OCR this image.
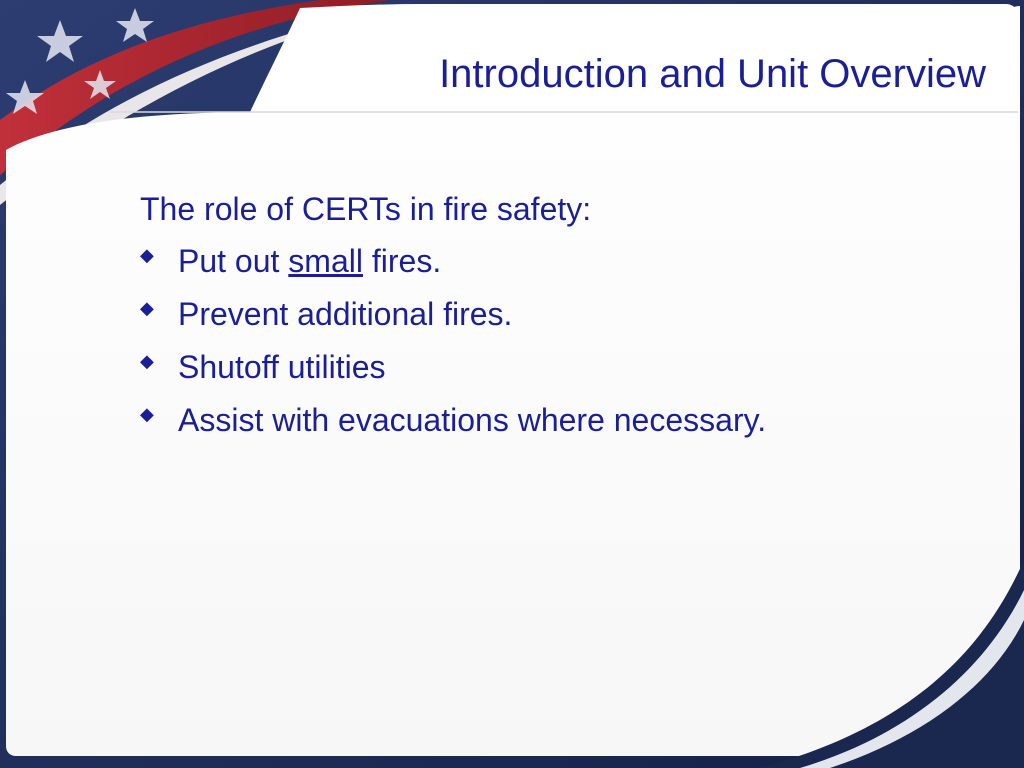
Introduction and Unit Overview

The role of CERTs in fire safety:

◆ Put out small fires.
◆ Prevent additional fires.
◆ Shutoff utilities
◆ Assist with evacuations where necessary.
